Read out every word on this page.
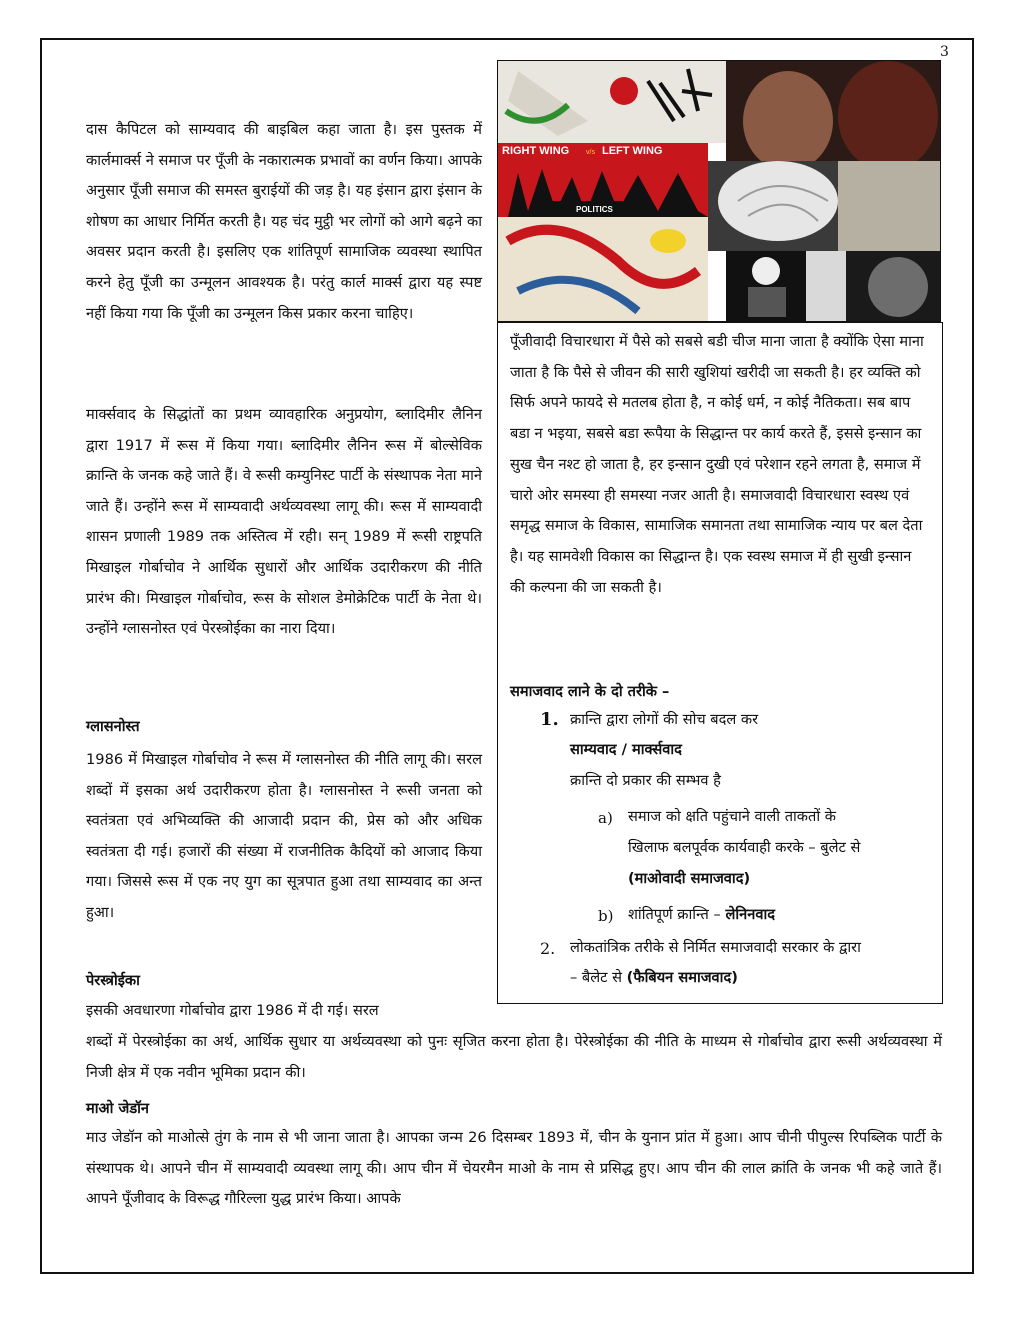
3

दास कैपिटल को साम्यवाद की बाइबिल कहा जाता है। इस पुस्तक में कार्लमार्क्स ने समाज पर पूँजी के नकारात्मक प्रभावों का वर्णन किया। आपके अनुसार पूँजी समाज की समस्त बुराईयों की जड़ है। यह इंसान द्वारा इंसान के शोषण का आधार निर्मित करती है। यह चंद मुट्ठी भर लोगों को आगे बढ़ने का अवसर प्रदान करती है। इसलिए एक शांतिपूर्ण सामाजिक व्यवस्था स्थापित करने हेतु पूँजी का उन्मूलन आवश्यक है। परंतु कार्ल मार्क्स द्वारा यह स्पष्ट नहीं किया गया कि पूँजी का उन्मूलन किस प्रकार करना चाहिए।

मार्क्सवाद के सिद्धांतों का प्रथम व्यावहारिक अनुप्रयोग, ब्लादिमीर लैनिन द्वारा 1917 में रूस में किया गया। ब्लादिमीर लैनिन रूस में बोल्सेविक क्रान्ति के जनक कहे जाते हैं। वे रूसी कम्युनिस्ट पार्टी के संस्थापक नेता माने जाते हैं। उन्होंने रूस में साम्यवादी अर्थव्यवस्था लागू की। रूस में साम्यवादी शासन प्रणाली 1989 तक अस्तित्व में रही। सन् 1989 में रूसी राष्ट्रपति मिखाइल गोर्बाचोव ने आर्थिक सुधारों और आर्थिक उदारीकरण की नीति प्रारंभ की। मिखाइल गोर्बाचोव, रूस के सोशल डेमोक्रेटिक पार्टी के नेता थे। उन्होंने ग्लासनोस्त एवं पेरस्त्रोईका का नारा दिया।

ग्लासनोस्त

1986 में मिखाइल गोर्बाचोव ने रूस में ग्लासनोस्त की नीति लागू की। सरल शब्दों में इसका अर्थ उदारीकरण होता है। ग्लासनोस्त ने रूसी जनता को स्वतंत्रता एवं अभिव्यक्ति की आजादी प्रदान की, प्रेस को और अधिक स्वतंत्रता दी गई। हजारों की संख्या में राजनीतिक कैदियों को आजाद किया गया। जिससे रूस में एक नए युग का सूत्रपात हुआ तथा साम्यवाद का अन्त हुआ।

पेरस्त्रोईका

इसकी अवधारणा गोर्बाचोव द्वारा 1986 में दी गई। सरल

शब्दों में पेरस्त्रोईका का अर्थ, आर्थिक सुधार या अर्थव्यवस्था को पुनः सृजित करना होता है। पेरेस्त्रोईका की नीति के माध्यम से गोर्बाचोव द्वारा रूसी अर्थव्यवस्था में निजी क्षेत्र में एक नवीन भूमिका प्रदान की।

माओ जेडॉन

माउ जेडॉन को माओत्से तुंग के नाम से भी जाना जाता है। आपका जन्म 26 दिसम्बर 1893 में, चीन के युनान प्रांत में हुआ। आप चीनी पीपुल्स रिपब्लिक पार्टी के संस्थापक थे। आपने चीन में साम्यवादी व्यवस्था लागू की। आप चीन में चेयरमैन माओ के नाम से प्रसिद्ध हुए। आप चीन की लाल क्रांति के जनक भी कहे जाते हैं। आपने पूँजीवाद के विरूद्ध गौरिल्ला युद्ध प्रारंभ किया। आपके

RIGHT WING v/s LEFT WING
POLITICS

पूँजीवादी विचारधारा में पैसे को सबसे बडी चीज माना जाता है क्योंकि ऐसा माना जाता है कि पैसे से जीवन की सारी खुशियां खरीदी जा सकती है। हर व्यक्ति को सिर्फ अपने फायदे से मतलब होता है, न कोई धर्म, न कोई नैतिकता। सब बाप बडा न भइया, सबसे बडा रूपैया के सिद्धान्त पर कार्य करते हैं, इससे इन्सान का सुख चैन नश्ट हो जाता है, हर इन्सान दुखी एवं परेशान रहने लगता है, समाज में चारो ओर समस्या ही समस्या नजर आती है। समाजवादी विचारधारा स्वस्थ एवं समृद्ध समाज के विकास, सामाजिक समानता तथा सामाजिक न्याय पर बल देता है। यह सामवेशी विकास का सिद्धान्त है। एक स्वस्थ समाज में ही सुखी इन्सान की कल्पना की जा सकती है।

समाजवाद लाने के दो तरीके –

1. क्रान्ति द्वारा लोगों की सोच बदल कर

साम्यवाद / मार्क्सवाद

क्रान्ति दो प्रकार की सम्भव है

a) समाज को क्षति पहुंचाने वाली ताकतों के

खिलाफ बलपूर्वक कार्यवाही करके – बुलेट से

(माओवादी समाजवाद)

b) शांतिपूर्ण क्रान्ति – लेनिनवाद

2. लोकतांत्रिक तरीके से निर्मित समाजवादी सरकार के द्वारा

– बैलेट से (फैबियन समाजवाद)
